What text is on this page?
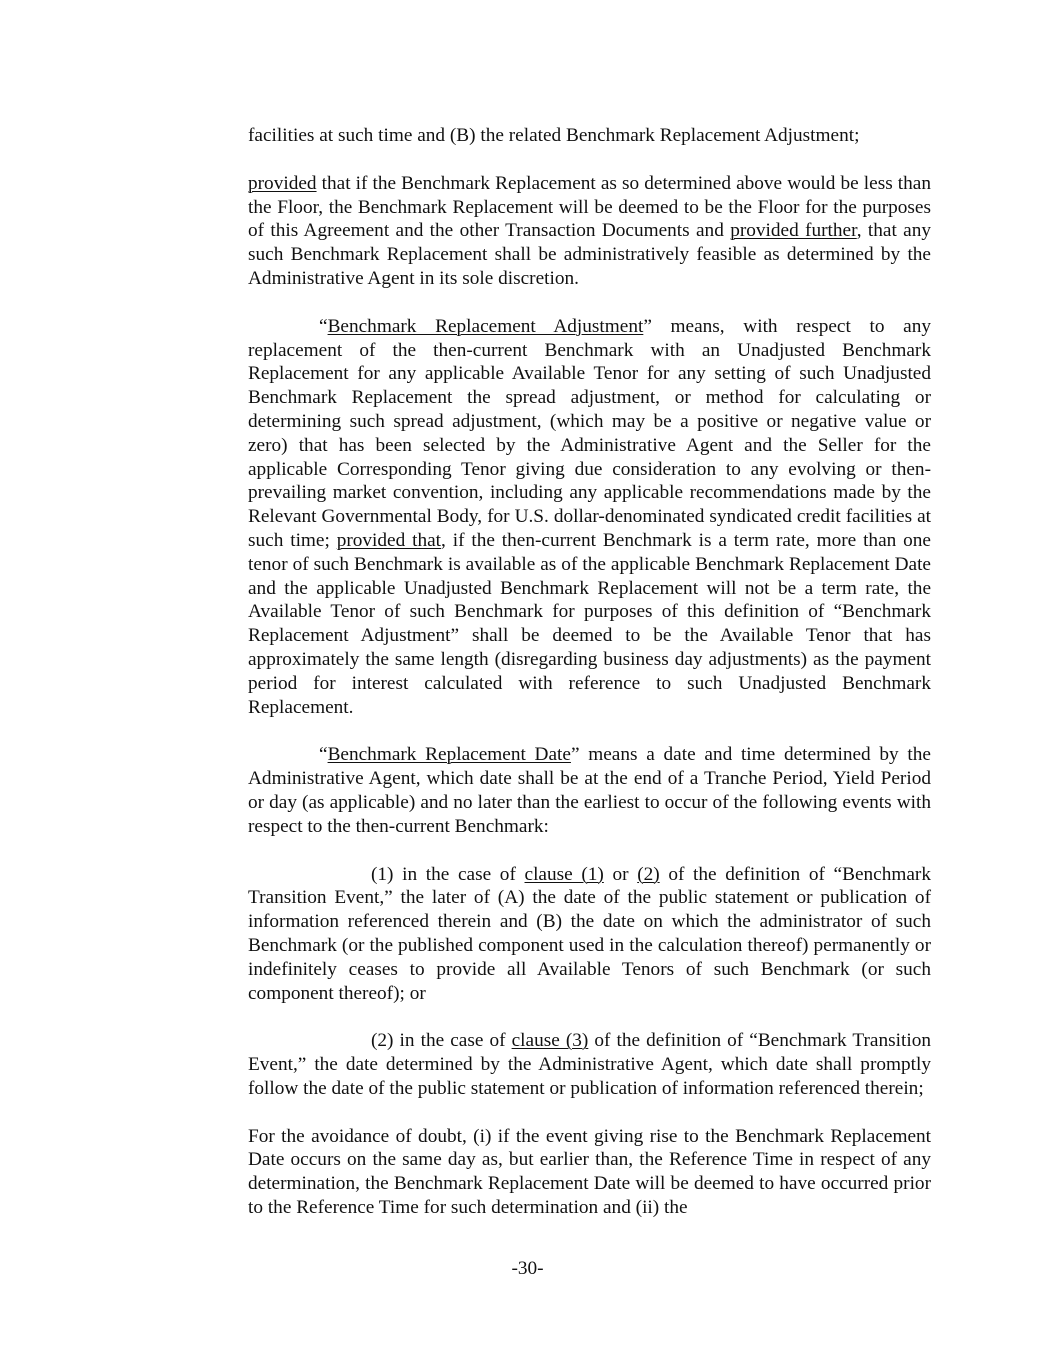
facilities at such time and (B) the related Benchmark Replacement Adjustment;

provided that if the Benchmark Replacement as so determined above would be less than the Floor, the Benchmark Replacement will be deemed to be the Floor for the purposes of this Agreement and the other Transaction Documents and provided further, that any such Benchmark Replacement shall be administratively feasible as determined by the Administrative Agent in its sole discretion.

“Benchmark Replacement Adjustment” means, with respect to any replacement of the then-current Benchmark with an Unadjusted Benchmark Replacement for any applicable Available Tenor for any setting of such Unadjusted Benchmark Replacement the spread adjustment, or method for calculating or determining such spread adjustment, (which may be a positive or negative value or zero) that has been selected by the Administrative Agent and the Seller for the applicable Corresponding Tenor giving due consideration to any evolving or then-prevailing market convention, including any applicable recommendations made by the Relevant Governmental Body, for U.S. dollar-denominated syndicated credit facilities at such time; provided that, if the then-current Benchmark is a term rate, more than one tenor of such Benchmark is available as of the applicable Benchmark Replacement Date and the applicable Unadjusted Benchmark Replacement will not be a term rate, the Available Tenor of such Benchmark for purposes of this definition of “Benchmark Replacement Adjustment” shall be deemed to be the Available Tenor that has approximately the same length (disregarding business day adjustments) as the payment period for interest calculated with reference to such Unadjusted Benchmark Replacement.

“Benchmark Replacement Date” means a date and time determined by the Administrative Agent, which date shall be at the end of a Tranche Period, Yield Period or day (as applicable) and no later than the earliest to occur of the following events with respect to the then-current Benchmark:

(1) in the case of clause (1) or (2) of the definition of “Benchmark Transition Event,” the later of (A) the date of the public statement or publication of information referenced therein and (B) the date on which the administrator of such Benchmark (or the published component used in the calculation thereof) permanently or indefinitely ceases to provide all Available Tenors of such Benchmark (or such component thereof); or

(2) in the case of clause (3) of the definition of “Benchmark Transition Event,” the date determined by the Administrative Agent, which date shall promptly follow the date of the public statement or publication of information referenced therein;

For the avoidance of doubt, (i) if the event giving rise to the Benchmark Replacement Date occurs on the same day as, but earlier than, the Reference Time in respect of any determination, the Benchmark Replacement Date will be deemed to have occurred prior to the Reference Time for such determination and (ii) the

-30-
